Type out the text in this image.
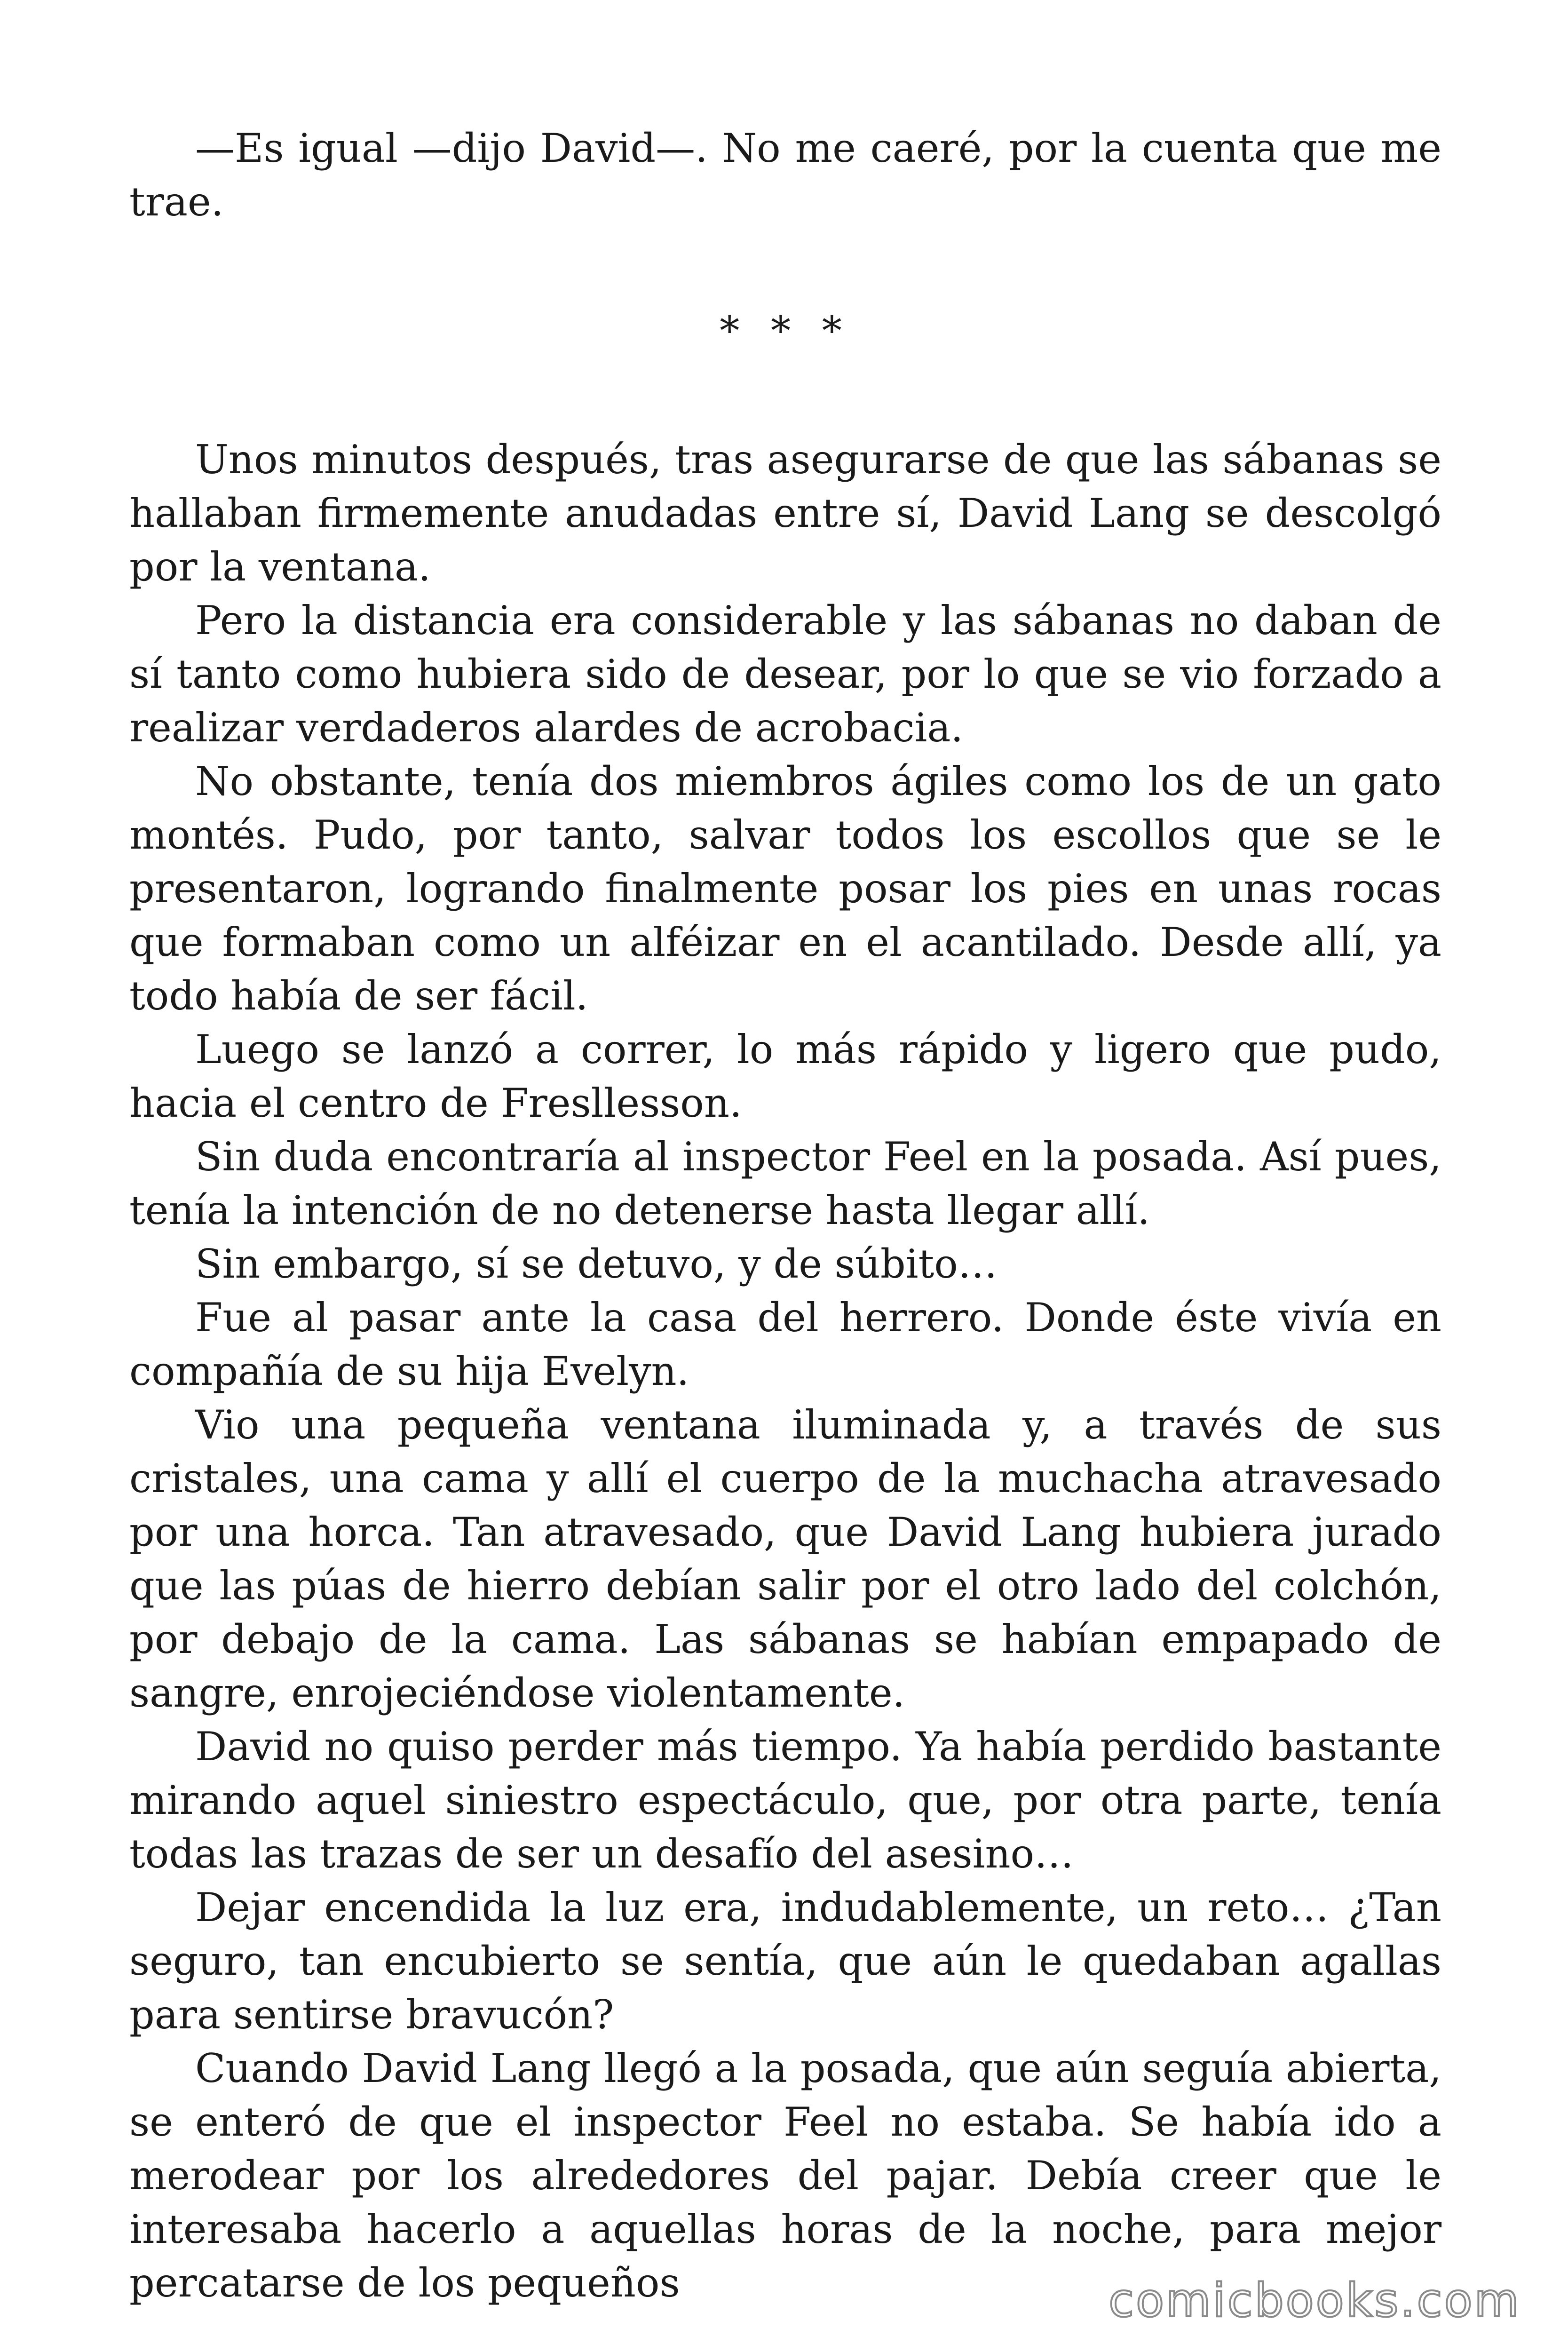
—Es igual —dijo David—. No me caeré, por la cuenta que me trae.

* * *

Unos minutos después, tras asegurarse de que las sábanas se hallaban firmemente anudadas entre sí, David Lang se descolgó por la ventana.

Pero la distancia era considerable y las sábanas no daban de sí tanto como hubiera sido de desear, por lo que se vio forzado a realizar verdaderos alardes de acrobacia.

No obstante, tenía dos miembros ágiles como los de un gato montés. Pudo, por tanto, salvar todos los escollos que se le presentaron, logrando finalmente posar los pies en unas rocas que formaban como un alféizar en el acantilado. Desde allí, ya todo había de ser fácil.

Luego se lanzó a correr, lo más rápido y ligero que pudo, hacia el centro de Fresllesson.

Sin duda encontraría al inspector Feel en la posada. Así pues, tenía la intención de no detenerse hasta llegar allí.

Sin embargo, sí se detuvo, y de súbito…

Fue al pasar ante la casa del herrero. Donde éste vivía en compañía de su hija Evelyn.

Vio una pequeña ventana iluminada y, a través de sus cristales, una cama y allí el cuerpo de la muchacha atravesado por una horca. Tan atravesado, que David Lang hubiera jurado que las púas de hierro debían salir por el otro lado del colchón, por debajo de la cama. Las sábanas se habían empapado de sangre, enrojeciéndose violentamente.

David no quiso perder más tiempo. Ya había perdido bastante mirando aquel siniestro espectáculo, que, por otra parte, tenía todas las trazas de ser un desafío del asesino…

Dejar encendida la luz era, indudablemente, un reto… ¿Tan seguro, tan encubierto se sentía, que aún le quedaban agallas para sentirse bravucón?

Cuando David Lang llegó a la posada, que aún seguía abierta, se enteró de que el inspector Feel no estaba. Se había ido a merodear por los alrededores del pajar. Debía creer que le interesaba hacerlo a aquellas horas de la noche, para mejor percatarse de los pequeños	comicbooks.com
